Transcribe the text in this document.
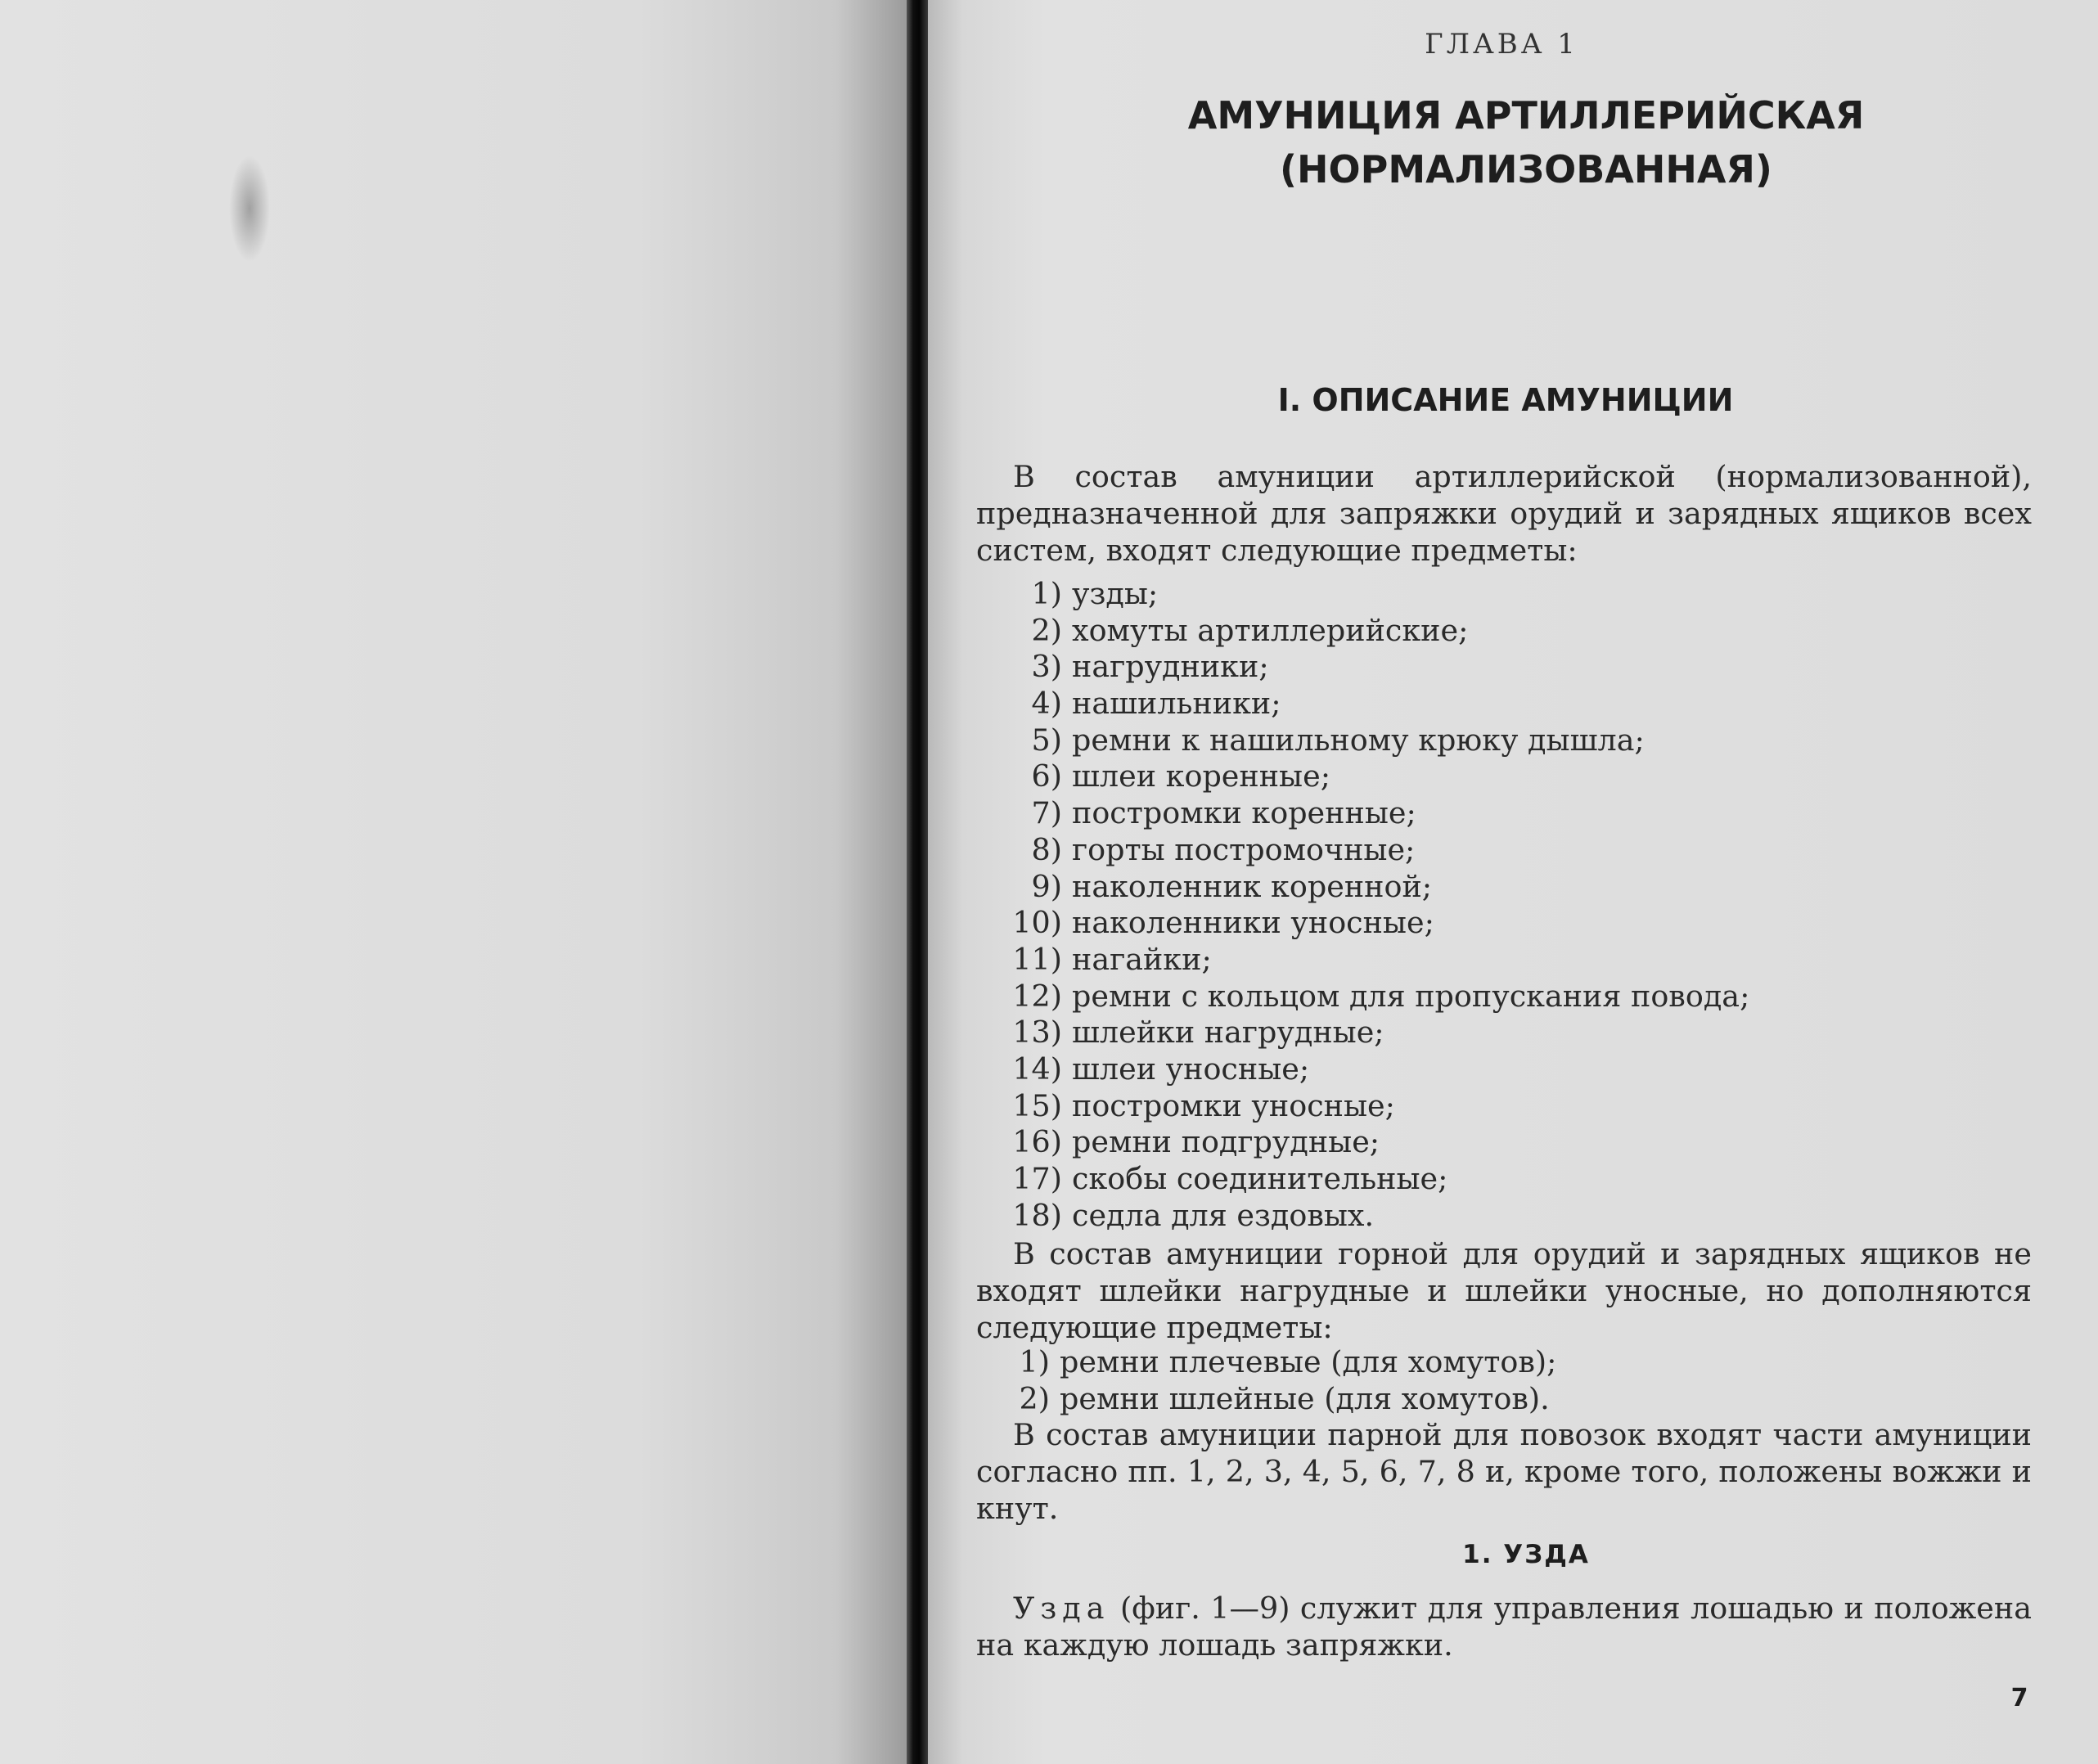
ГЛАВА 1
АМУНИЦИЯ АРТИЛЛЕРИЙСКАЯ
(НОРМАЛИЗОВАННАЯ)
I. ОПИСАНИЕ АМУНИЦИИ

В состав амуниции артиллерийской (нормализованной), предназначенной для запряжки орудий и зарядных ящиков всех систем, входят следующие предметы:

1) узды;
2) хомуты артиллерийские;
3) нагрудники;
4) нашильники;
5) ремни к нашильному крюку дышла;
6) шлеи коренные;
7) постромки коренные;
8) горты постромочные;
9) наколенник коренной;
10) наколенники уносные;
11) нагайки;
12) ремни с кольцом для пропускания повода;
13) шлейки нагрудные;
14) шлеи уносные;
15) постромки уносные;
16) ремни подгрудные;
17) скобы соединительные;
18) седла для ездовых.

В состав амуниции горной для орудий и зарядных ящиков не входят шлейки нагрудные и шлейки уносные, но дополняются следующие предметы:

1) ремни плечевые (для хомутов);
2) ремни шлейные (для хомутов).

В состав амуниции парной для повозок входят части амуниции согласно пп. 1, 2, 3, 4, 5, 6, 7, 8 и, кроме того, положены вожжи и кнут.

1. УЗДА

Узда (фиг. 1—9) служит для управления лошадью и положена на каждую лошадь запряжки.

7
